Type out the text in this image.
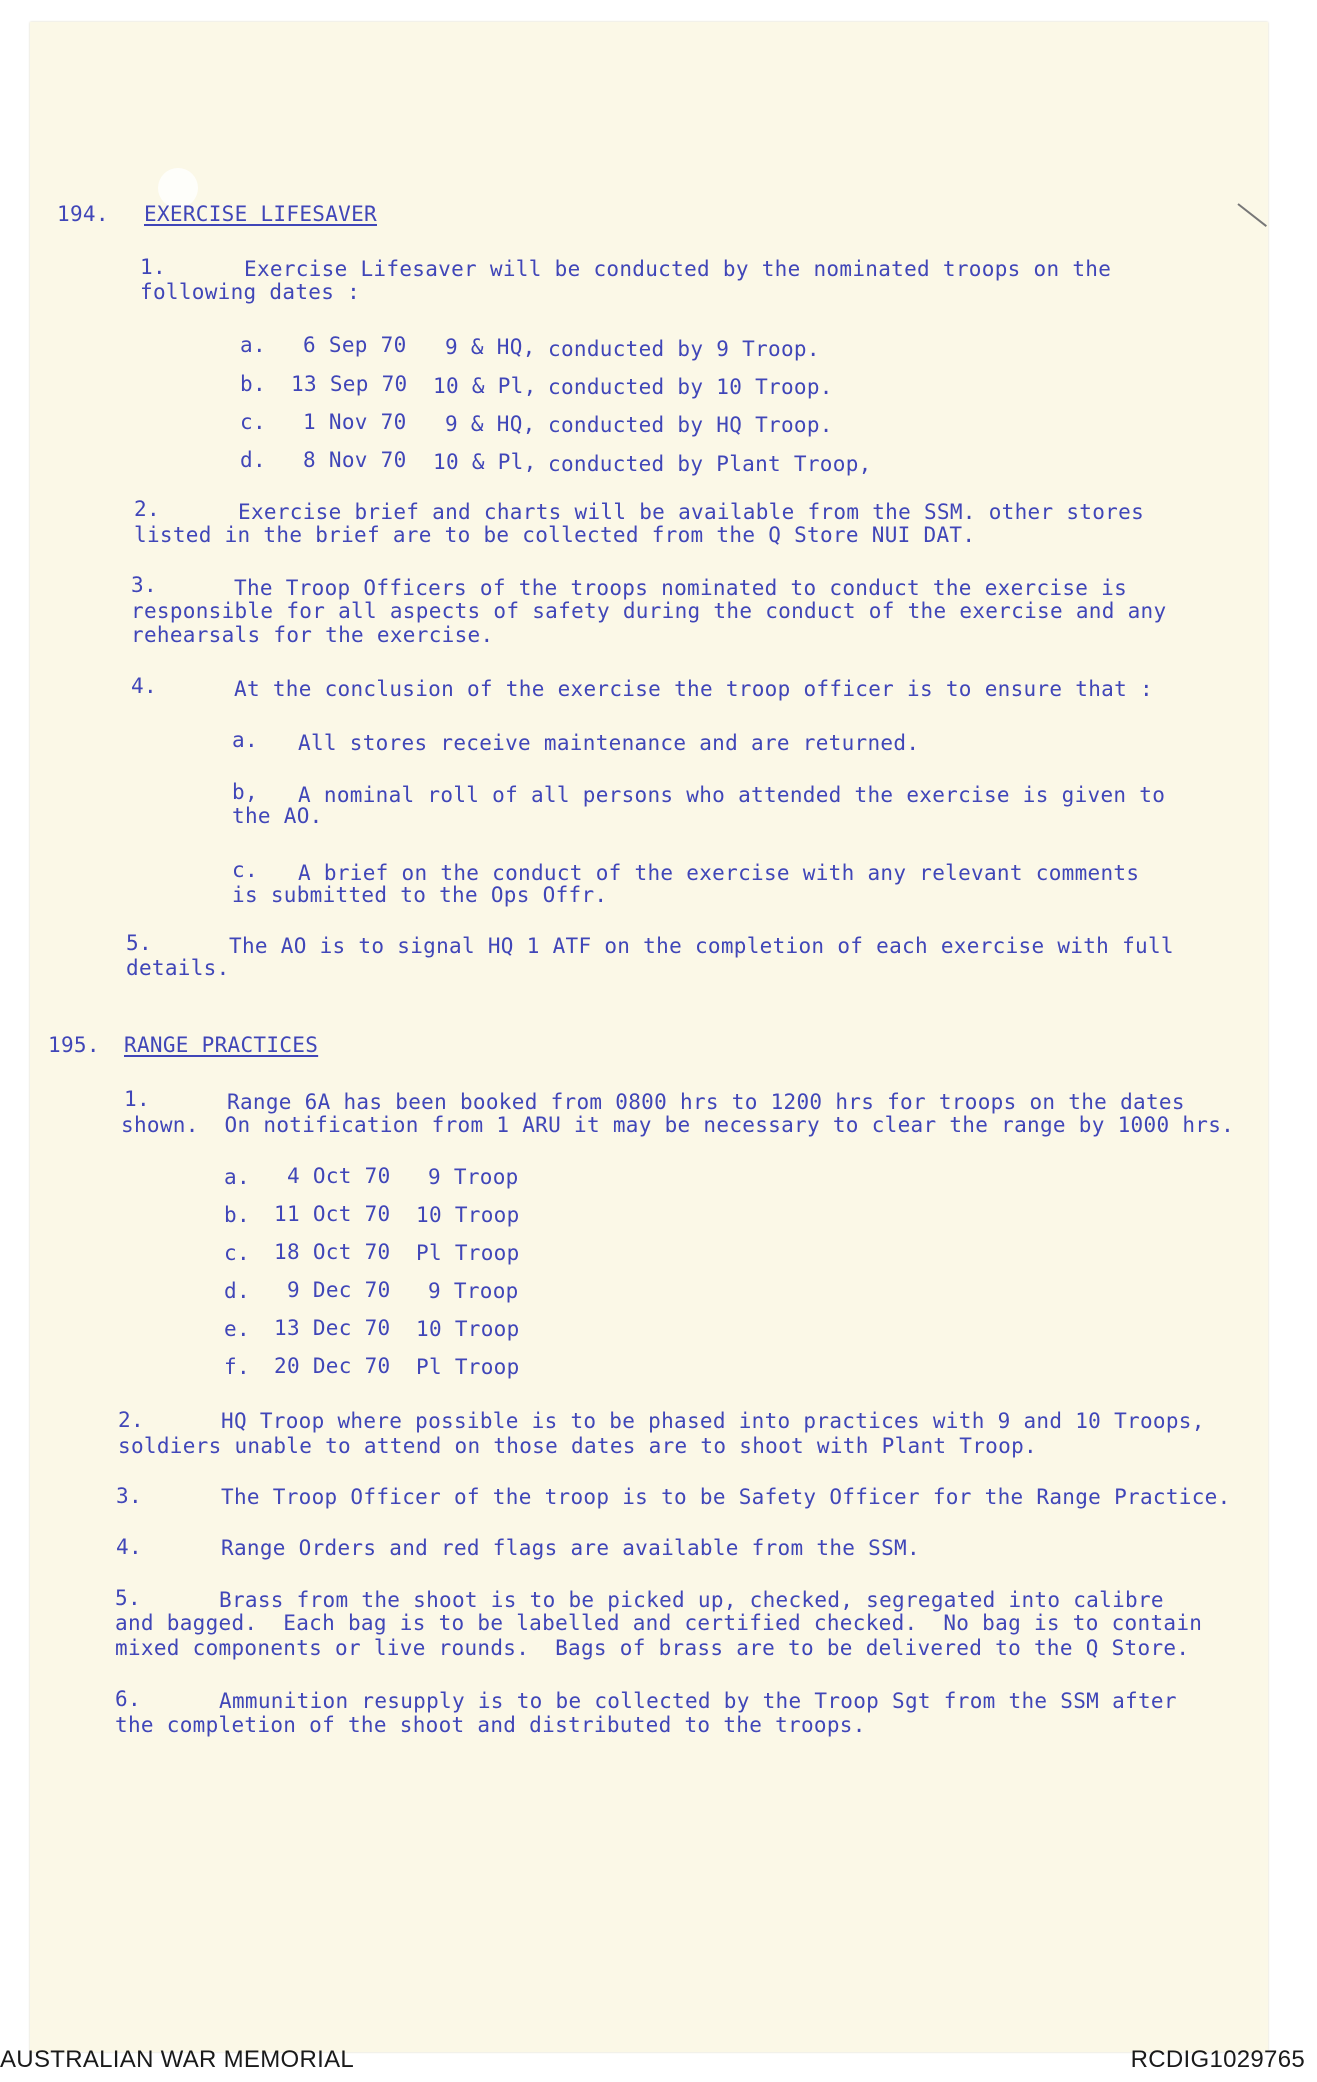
194. EXERCISE LIFESAVER
1.	Exercise Lifesaver will be conducted by the nominated troops on the
following dates :
a. 6 Sep 70 9 & HQ, conducted by 9 Troop.
b. 13 Sep 70 10 & Pl, conducted by 10 Troop.
c. 1 Nov 70 9 & HQ, conducted by HQ Troop.
d. 8 Nov 70 10 & Pl, conducted by Plant Troop,
2.	Exercise brief and charts will be available from the SSM. other stores
listed in the brief are to be collected from the Q Store NUI DAT.
3.	The Troop Officers of the troops nominated to conduct the exercise is
responsible for all aspects of safety during the conduct of the exercise and any
rehearsals for the exercise.
4.	At the conclusion of the exercise the troop officer is to ensure that :
a. All stores receive maintenance and are returned.
b, A nominal roll of all persons who attended the exercise is given to
the AO.
c. A brief on the conduct of the exercise with any relevant comments
is submitted to the Ops Offr.
5.	The AO is to signal HQ 1 ATF on the completion of each exercise with full
details.
195. RANGE PRACTICES
1.	Range 6A has been booked from 0800 hrs to 1200 hrs for troops on the dates
shown.  On notification from 1 ARU it may be necessary to clear the range by 1000 hrs.
a. 4 Oct 70 9 Troop
b. 11 Oct 70 10 Troop
c. 18 Oct 70 Pl Troop
d. 9 Dec 70 9 Troop
e. 13 Dec 70 10 Troop
f. 20 Dec 70 Pl Troop
2.	HQ Troop where possible is to be phased into practices with 9 and 10 Troops,
soldiers unable to attend on those dates are to shoot with Plant Troop.
3.	The Troop Officer of the troop is to be Safety Officer for the Range Practice.
4.	Range Orders and red flags are available from the SSM.
5.	Brass from the shoot is to be picked up, checked, segregated into calibre
and bagged.  Each bag is to be labelled and certified checked.  No bag is to contain
mixed components or live rounds.  Bags of brass are to be delivered to the Q Store.
6.	Ammunition resupply is to be collected by the Troop Sgt from the SSM after
the completion of the shoot and distributed to the troops.
AUSTRALIAN WAR MEMORIAL	RCDIG1029765
